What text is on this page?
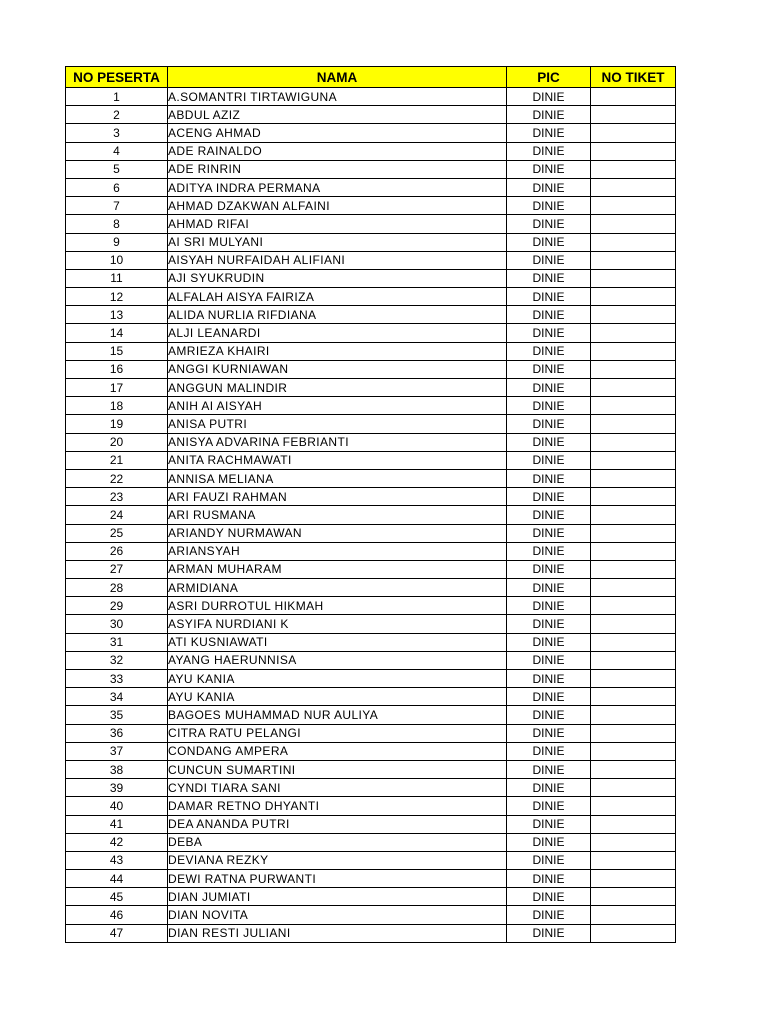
NO PESERTA	NAMA	PIC	NO TIKET
1	A.SOMANTRI TIRTAWIGUNA	DINIE	
2	ABDUL AZIZ	DINIE	
3	ACENG AHMAD	DINIE	
4	ADE RAINALDO	DINIE	
5	ADE RINRIN	DINIE	
6	ADITYA INDRA PERMANA	DINIE	
7	AHMAD DZAKWAN ALFAINI	DINIE	
8	AHMAD RIFAI	DINIE	
9	AI SRI MULYANI	DINIE	
10	AISYAH NURFAIDAH ALIFIANI	DINIE	
11	AJI SYUKRUDIN	DINIE	
12	ALFALAH AISYA FAIRIZA	DINIE	
13	ALIDA NURLIA RIFDIANA	DINIE	
14	ALJI LEANARDI	DINIE	
15	AMRIEZA KHAIRI	DINIE	
16	ANGGI KURNIAWAN	DINIE	
17	ANGGUN MALINDIR	DINIE	
18	ANIH AI AISYAH	DINIE	
19	ANISA PUTRI	DINIE	
20	ANISYA ADVARINA FEBRIANTI	DINIE	
21	ANITA RACHMAWATI	DINIE	
22	ANNISA MELIANA	DINIE	
23	ARI FAUZI RAHMAN	DINIE	
24	ARI RUSMANA	DINIE	
25	ARIANDY NURMAWAN	DINIE	
26	ARIANSYAH	DINIE	
27	ARMAN MUHARAM	DINIE	
28	ARMIDIANA	DINIE	
29	ASRI DURROTUL HIKMAH	DINIE	
30	ASYIFA NURDIANI K	DINIE	
31	ATI KUSNIAWATI	DINIE	
32	AYANG HAERUNNISA	DINIE	
33	AYU KANIA	DINIE	
34	AYU KANIA	DINIE	
35	BAGOES MUHAMMAD NUR AULIYA	DINIE	
36	CITRA RATU PELANGI	DINIE	
37	CONDANG AMPERA	DINIE	
38	CUNCUN SUMARTINI	DINIE	
39	CYNDI TIARA SANI	DINIE	
40	DAMAR RETNO DHYANTI	DINIE	
41	DEA ANANDA PUTRI	DINIE	
42	DEBA	DINIE	
43	DEVIANA REZKY	DINIE	
44	DEWI RATNA PURWANTI	DINIE	
45	DIAN JUMIATI	DINIE	
46	DIAN NOVITA	DINIE	
47	DIAN RESTI JULIANI	DINIE	
